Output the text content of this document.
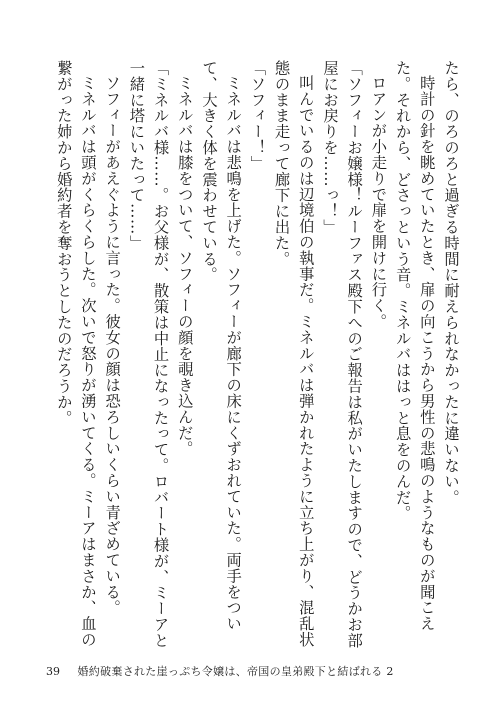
たら、のろのろと過ぎる時間に耐えられなかったに違いない。

時計の針を眺めていたとき、扉の向こうから男性の悲鳴のようなものが聞こえた。それから、どさっという音。ミネルバははっと息をのんだ。

ロアンが小走りで扉を開けに行く。

「ソフィーお嬢様！ルーファス殿下へのご報告は私がいたしますので、どうかお部屋にお戻りを……っ！」

叫んでいるのは辺境伯の執事だ。ミネルバは弾かれたように立ち上がり、混乱状態のまま走って廊下に出た。

「ソフィー！」

ミネルバは悲鳴を上げた。ソフィーが廊下の床にくずおれていた。両手をついて、大きく体を震わせている。

ミネルバは膝をついて、ソフィーの顔を覗き込んだ。

「ミネルバ様……。お父様が、散策は中止になったって。ロバート様が、ミーアと一緒に塔にいたって……」

ソフィーがあえぐように言った。彼女の顔は恐ろしいくらい青ざめている。

ミネルバは頭がくらくらした。次いで怒りが湧いてくる。ミーアはまさか、血の繋がった姉から婚約者を奪おうとしたのだろうか。

39 婚約破棄された崖っぷち令嬢は、帝国の皇弟殿下と結ばれる 2
